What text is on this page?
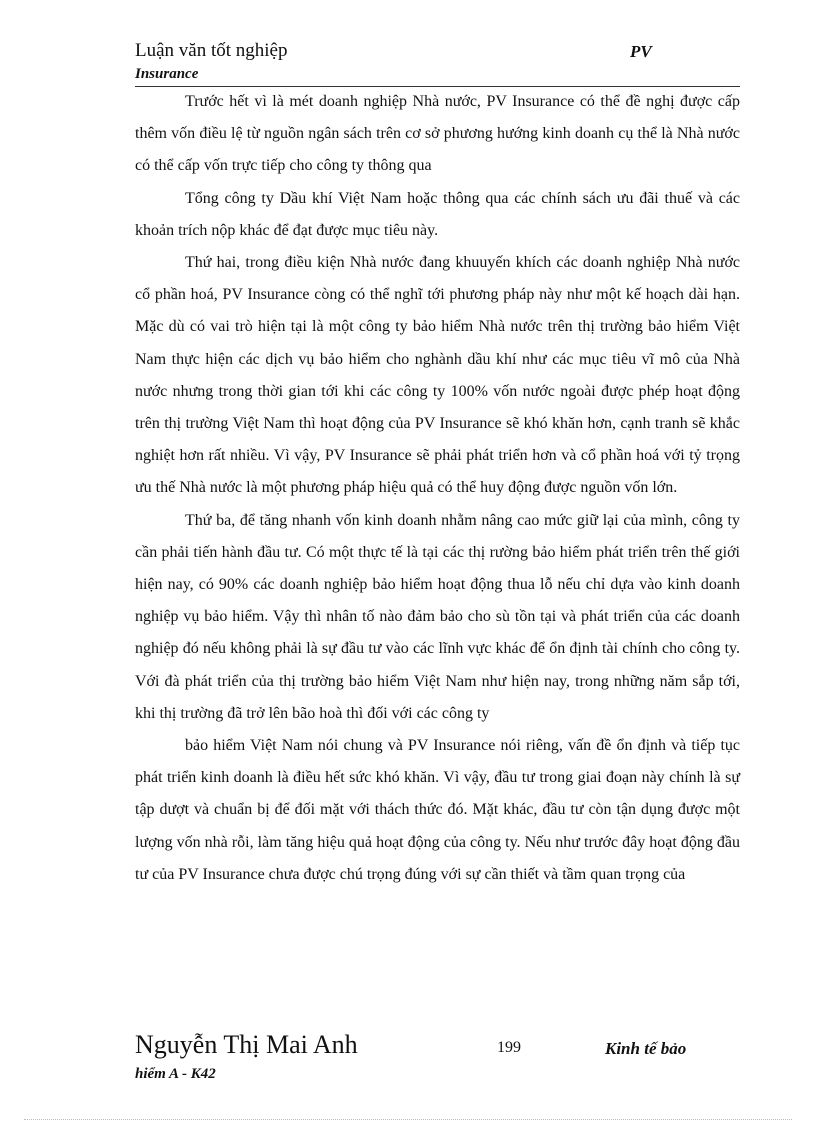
Luận văn tốt nghiệp	PV
Insurance

Trước hết vì là mét doanh nghiệp Nhà nước, PV Insurance có thể đề nghị được cấp thêm vốn điều lệ từ nguồn ngân sách trên cơ sở phương hướng kinh doanh cụ thể là Nhà nước có thể cấp vốn trực tiếp cho công ty thông qua

Tổng công ty Dầu khí Việt Nam hoặc thông qua các chính sách ưu đãi thuế và các khoản trích nộp khác để đạt được mục tiêu này.

Thứ hai, trong điều kiện Nhà nước đang khuuyến khích các doanh nghiệp Nhà nước cổ phần hoá, PV Insurance còng có thể nghĩ tới phương pháp này như một kế hoạch dài hạn. Mặc dù có vai trò hiện tại là một công ty bảo hiểm Nhà nước trên thị trường bảo hiểm Việt Nam thực hiện các dịch vụ bảo hiểm cho nghành dầu khí như các mục tiêu vĩ mô của Nhà nước nhưng trong thời gian tới khi các công ty 100% vốn nước ngoài được phép hoạt động trên thị trường Việt Nam thì hoạt động của PV Insurance sẽ khó khăn hơn, cạnh tranh sẽ khắc nghiệt hơn rất nhiều. Vì vậy, PV Insurance sẽ phải phát triển hơn và cổ phần hoá với tỷ trọng ưu thế Nhà nước là một phương pháp hiệu quả có thể huy động được nguồn vốn lớn.

Thứ ba, để tăng nhanh vốn kinh doanh nhằm nâng cao mức giữ lại của mình, công ty cần phải tiến hành đầu tư. Có một thực tế là tại các thị rường bảo hiểm phát triển trên thế giới hiện nay, có 90% các doanh nghiệp bảo hiểm hoạt động thua lỗ nếu chỉ dựa vào kinh doanh nghiệp vụ bảo hiểm. Vậy thì nhân tố nào đảm bảo cho sù tồn tại và phát triển của các doanh nghiệp đó nếu không phải là sự đầu tư vào các lĩnh vực khác để ổn định tài chính cho công ty. Với đà phát triển của thị trường bảo hiểm Việt Nam như hiện nay, trong những năm sắp tới, khi thị trường đã trở lên bão hoà thì đối với các công ty

bảo hiểm Việt Nam nói chung và PV Insurance nói riêng, vấn đề ổn định và tiếp tục phát triển kinh doanh là điều hết sức khó khăn. Vì vậy, đầu tư trong giai đoạn này chính là sự tập dượt và chuẩn bị để đối mặt với thách thức đó. Mặt khác, đầu tư còn tận dụng được một lượng vốn nhà rỗi, làm tăng hiệu quả hoạt động của công ty. Nếu như trước đây hoạt động đầu tư của PV Insurance chưa được chú trọng đúng với sự cần thiết và tầm quan trọng của

Nguyễn Thị Mai Anh	199	Kinh tế bảo
hiểm A - K42
